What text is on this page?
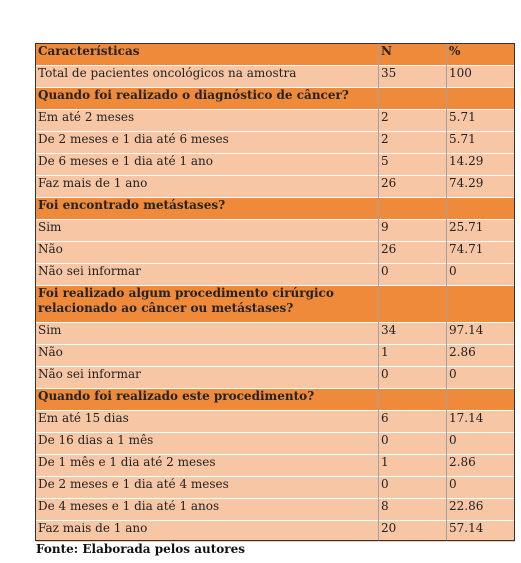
Características	N	%
Total de pacientes oncológicos na amostra	35	100
Quando foi realizado o diagnóstico de câncer?		
Em até 2 meses	2	5.71
De 2 meses e 1 dia até 6 meses	2	5.71
De 6 meses e 1 dia até 1 ano	5	14.29
Faz mais de 1 ano	26	74.29
Foi encontrado metástases?		
Sim	9	25.71
Não	26	74.71
Não sei informar	0	0
Foi realizado algum procedimento cirúrgico relacionado ao câncer ou metástases?		
Sim	34	97.14
Não	1	2.86
Não sei informar	0	0
Quando foi realizado este procedimento?		
Em até 15 dias	6	17.14
De 16 dias a 1 mês	0	0
De 1 mês e 1 dia até 2 meses	1	2.86
De 2 meses e 1 dia até 4 meses	0	0
De 4 meses e 1 dia até 1 anos	8	22.86
Faz mais de 1 ano	20	57.14
Fonte: Elaborada pelos autores
